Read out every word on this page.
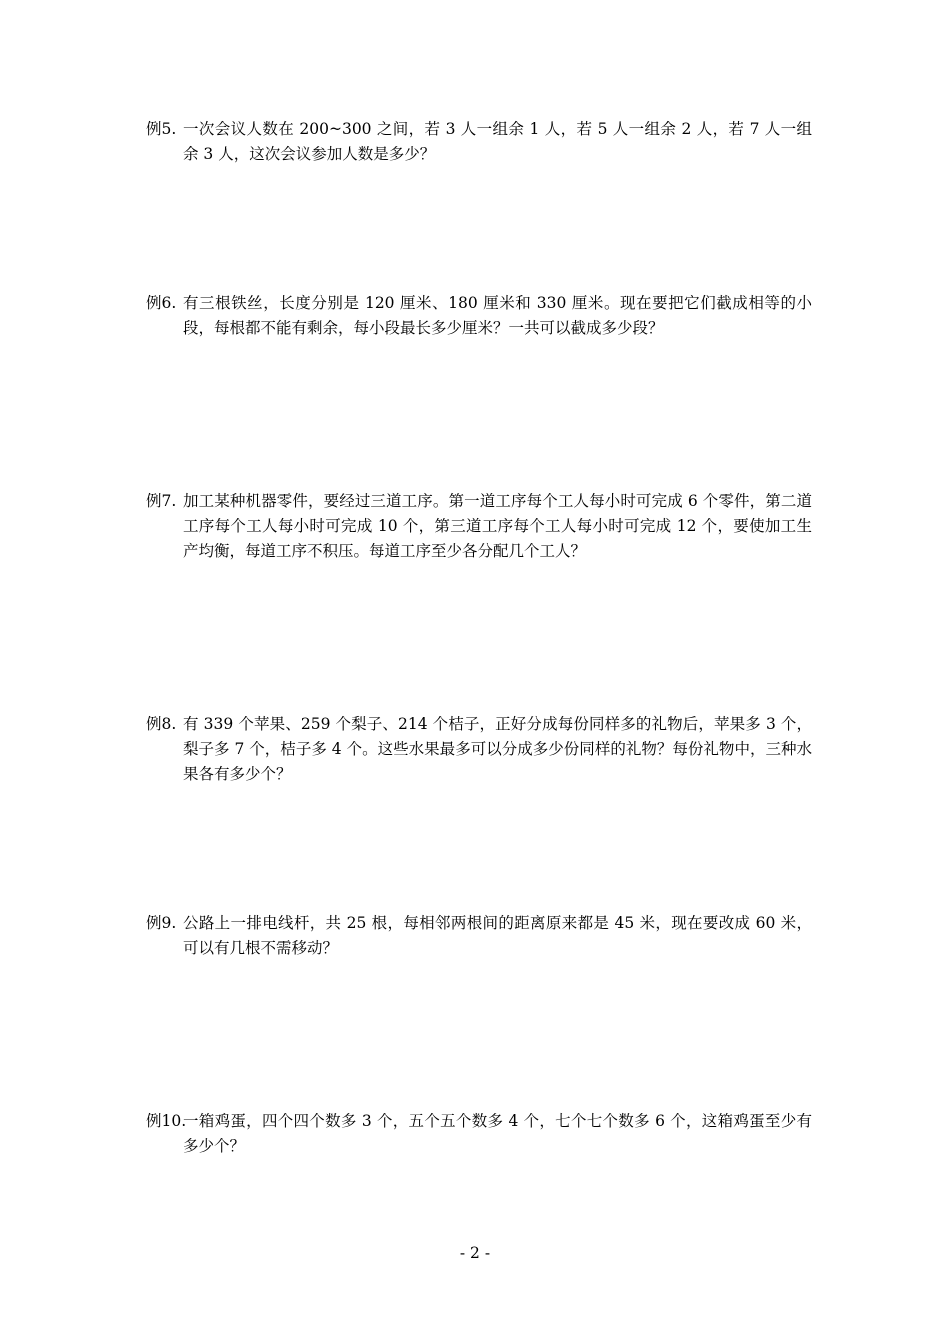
例5. 一次会议人数在 200~300 之间，若 3 人一组余 1 人，若 5 人一组余 2 人，若 7 人一组余 3 人，这次会议参加人数是多少？
例6. 有三根铁丝，长度分别是 120 厘米、180 厘米和 330 厘米。现在要把它们截成相等的小段，每根都不能有剩余，每小段最长多少厘米？一共可以截成多少段？
例7. 加工某种机器零件，要经过三道工序。第一道工序每个工人每小时可完成 6 个零件，第二道工序每个工人每小时可完成 10 个，第三道工序每个工人每小时可完成 12 个，要使加工生产均衡，每道工序不积压。每道工序至少各分配几个工人？
例8. 有 339 个苹果、259 个梨子、214 个桔子，正好分成每份同样多的礼物后，苹果多 3 个，梨子多 7 个，桔子多 4 个。这些水果最多可以分成多少份同样的礼物？每份礼物中，三种水果各有多少个？
例9. 公路上一排电线杆，共 25 根，每相邻两根间的距离原来都是 45 米，现在要改成 60 米，可以有几根不需移动？
例10.
一箱鸡蛋，四个四个数多 3 个，五个五个数多 4 个，七个七个数多 6 个，这箱鸡蛋至少有多少个？
- 2 -
